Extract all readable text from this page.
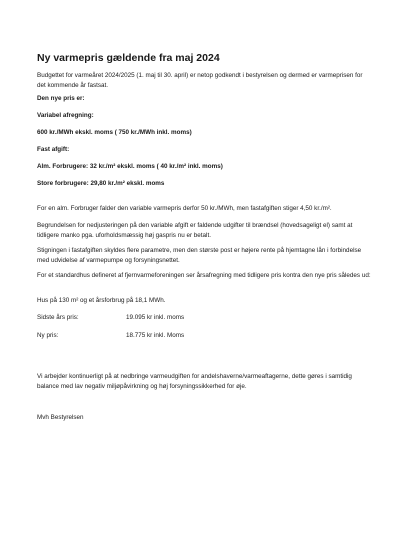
Ny varmepris gældende fra maj 2024
Budgettet for varmeåret 2024/2025 (1. maj til 30. april) er netop godkendt i bestyrelsen og dermed er varmeprisen for det kommende år fastsat.
Den nye pris er:
Variabel afregning:
600 kr./MWh ekskl. moms ( 750 kr./MWh inkl. moms)
Fast afgift:
Alm. Forbrugere: 32 kr./m² ekskl. moms ( 40 kr./m² inkl. moms)
Store forbrugere: 29,80 kr./m² ekskl. moms
For en alm. Forbruger falder den variable varmepris derfor 50 kr./MWh, men fastafgiften stiger 4,50 kr./m².
Begrundelsen for nedjusteringen på den variable afgift er faldende udgifter til brændsel (hovedsageligt el) samt at tidligere manko pga. uforholdsmæssig høj gaspris nu er betalt.
Stigningen i fastafgiften skyldes flere parametre, men den største post er højere rente på hjemtagne lån i forbindelse med udvidelse af varmepumpe og forsyningsnettet.
For et standardhus defineret af fjernvarmeforeningen ser årsafregning med tidligere pris kontra den nye pris således ud:
Hus på 130 m² og et årsforbrug på 18,1 MWh.
Sidste års pris:	19.095 kr inkl. moms
Ny pris:	18.775 kr inkl. Moms
Vi arbejder kontinuerligt på at nedbringe varmeudgiften for andelshaverne/varmeaftagerne, dette gøres i samtidig balance med lav negativ miljøpåvirkning og høj forsyningssikkerhed for øje.
Mvh Bestyrelsen
